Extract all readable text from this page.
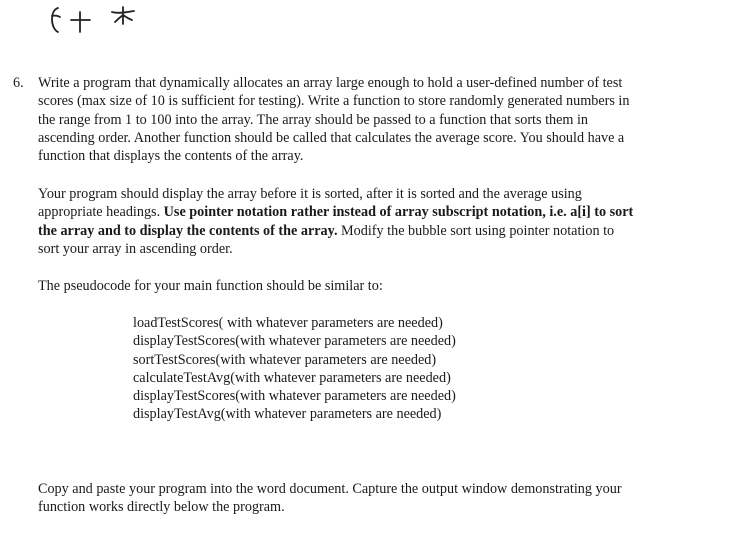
6. Write a program that dynamically allocates an array large enough to hold a user-defined number of test
scores (max size of 10 is sufficient for testing). Write a function to store randomly generated numbers in
the range from 1 to 100 into the array. The array should be passed to a function that sorts them in
ascending order. Another function should be called that calculates the average score. You should have a
function that displays the contents of the array.
Your program should display the array before it is sorted, after it is sorted and the average using
appropriate headings. Use pointer notation rather instead of array subscript notation, i.e. a[i] to sort
the array and to display the contents of the array. Modify the bubble sort using pointer notation to
sort your array in ascending order.
The pseudocode for your main function should be similar to:
loadTestScores( with whatever parameters are needed)
displayTestScores(with whatever parameters are needed)
sortTestScores(with whatever parameters are needed)
calculateTestAvg(with whatever parameters are needed)
displayTestScores(with whatever parameters are needed)
displayTestAvg(with whatever parameters are needed)
Copy and paste your program into the word document. Capture the output window demonstrating your
function works directly below the program.
